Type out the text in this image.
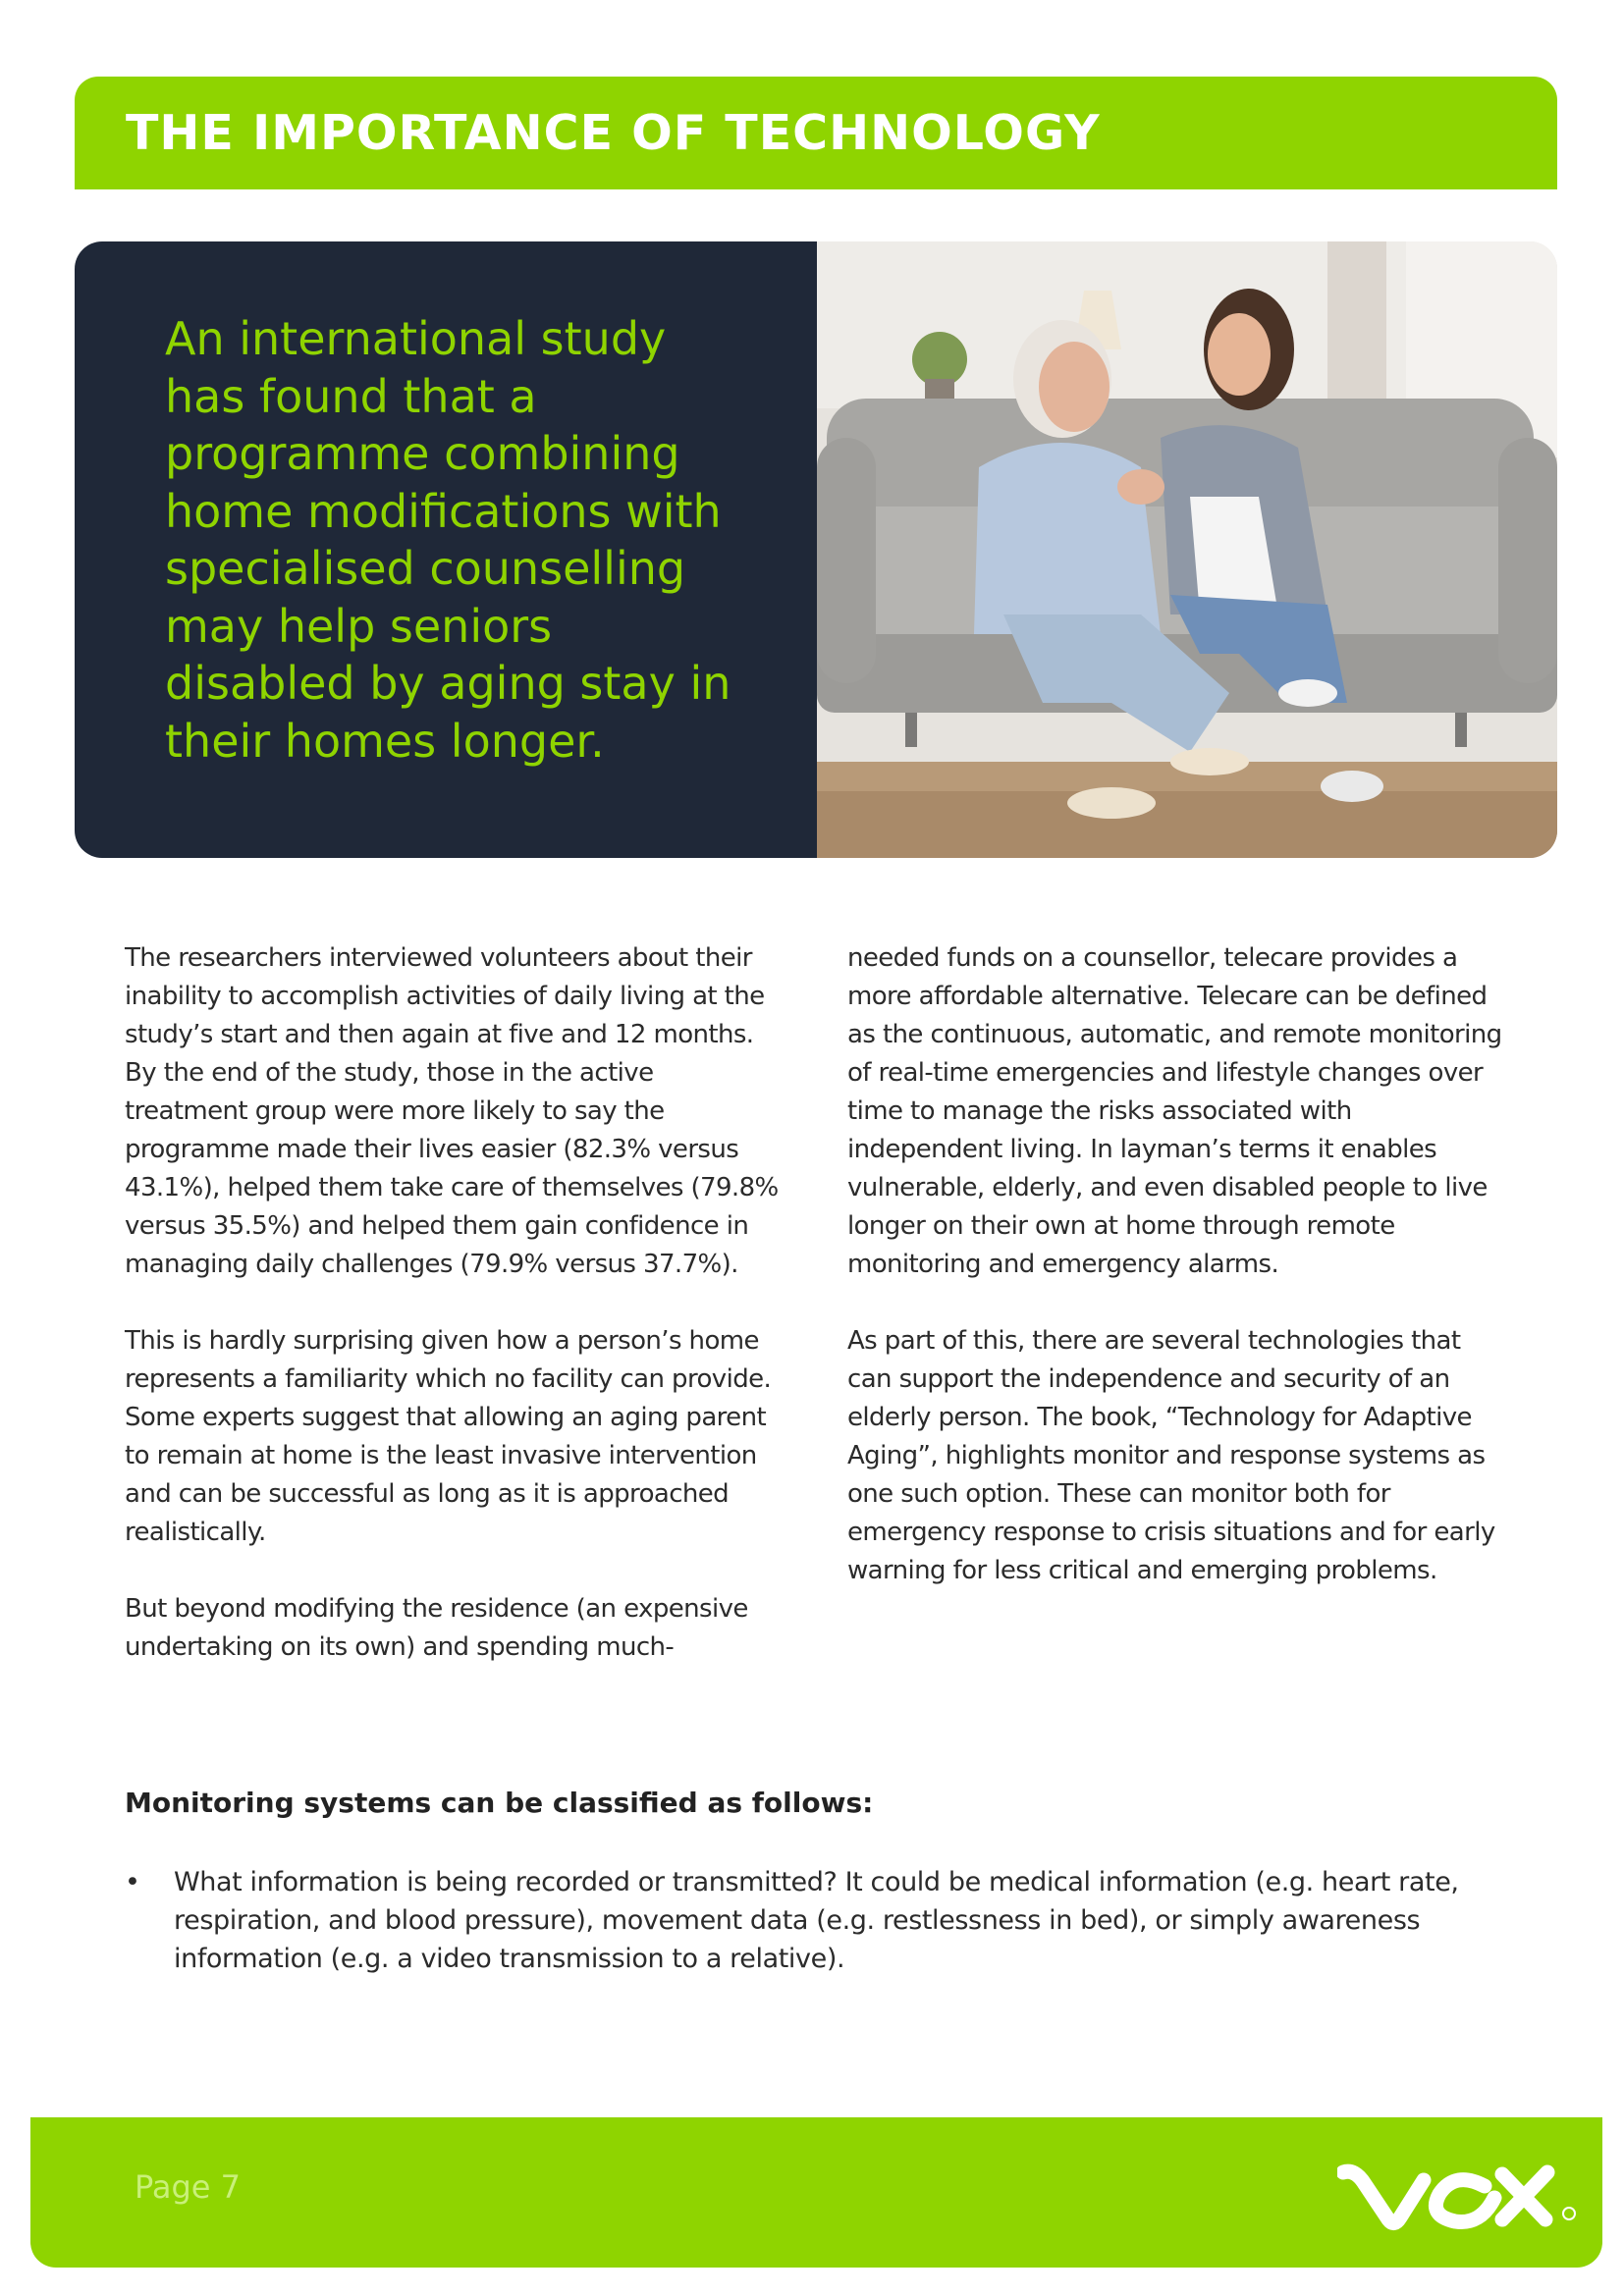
THE IMPORTANCE OF TECHNOLOGY

An international study has found that a programme combining home modifications with specialised counselling may help seniors disabled by aging stay in their homes longer.

The researchers interviewed volunteers about their inability to accomplish activities of daily living at the study’s start and then again at five and 12 months. By the end of the study, those in the active treatment group were more likely to say the programme made their lives easier (82.3% versus 43.1%), helped them take care of themselves (79.8% versus 35.5%) and helped them gain confidence in managing daily challenges (79.9% versus 37.7%).

This is hardly surprising given how a person’s home represents a familiarity which no facility can provide. Some experts suggest that allowing an aging parent to remain at home is the least invasive intervention and can be successful as long as it is approached realistically.

But beyond modifying the residence (an expensive undertaking on its own) and spending much-

needed funds on a counsellor, telecare provides a more affordable alternative. Telecare can be defined as the continuous, automatic, and remote monitoring of real-time emergencies and lifestyle changes over time to manage the risks associated with independent living. In layman’s terms it enables vulnerable, elderly, and even disabled people to live longer on their own at home through remote monitoring and emergency alarms.

As part of this, there are several technologies that can support the independence and security of an elderly person. The book, “Technology for Adaptive Aging”, highlights monitor and response systems as one such option. These can monitor both for emergency response to crisis situations and for early warning for less critical and emerging problems.

Monitoring systems can be classified as follows:

• What information is being recorded or transmitted? It could be medical information (e.g. heart rate, respiration, and blood pressure), movement data (e.g. restlessness in bed), or simply awareness information (e.g. a video transmission to a relative).

Page 7
